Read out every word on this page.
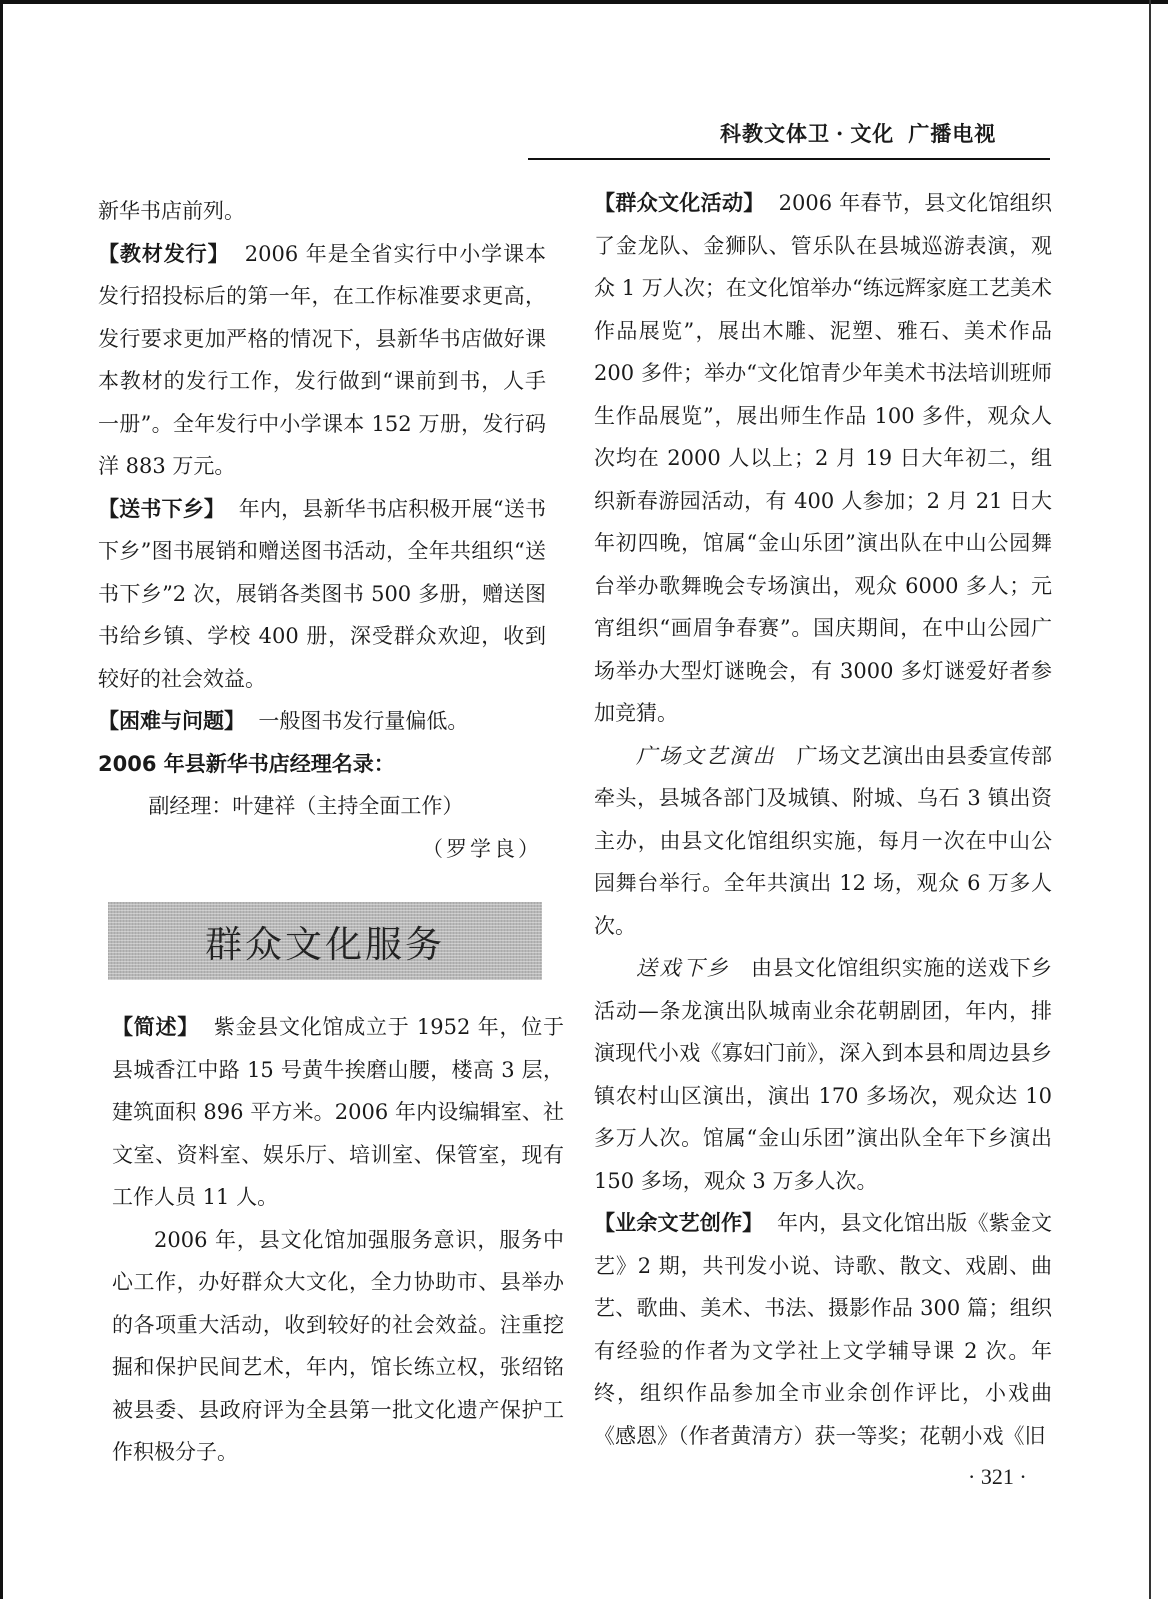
科教文体卫 · 文化 广播电视

新华书店前列。

【教材发行】 2006 年是全省实行中小学课本发行招投标后的第一年，在工作标准要求更高，发行要求更加严格的情况下，县新华书店做好课本教材的发行工作，发行做到“课前到书，人手一册”。全年发行中小学课本 152 万册，发行码洋 883 万元。

【送书下乡】 年内，县新华书店积极开展“送书下乡”图书展销和赠送图书活动，全年共组织“送书下乡”2 次，展销各类图书 500 多册，赠送图书给乡镇、学校 400 册，深受群众欢迎，收到较好的社会效益。

【困难与问题】 一般图书发行量偏低。

2006 年县新华书店经理名录：

副经理：叶建祥（主持全面工作）

（罗学良）

群众文化服务

【简述】 紫金县文化馆成立于 1952 年，位于县城香江中路 15 号黄牛挨磨山腰，楼高 3 层，建筑面积 896 平方米。2006 年内设编辑室、社文室、资料室、娱乐厅、培训室、保管室，现有工作人员 11 人。

2006 年，县文化馆加强服务意识，服务中心工作，办好群众大文化，全力协助市、县举办的各项重大活动，收到较好的社会效益。注重挖掘和保护民间艺术，年内，馆长练立权，张绍铭被县委、县政府评为全县第一批文化遗产保护工作积极分子。

【群众文化活动】 2006 年春节，县文化馆组织了金龙队、金狮队、管乐队在县城巡游表演，观众 1 万人次；在文化馆举办“练远辉家庭工艺美术作品展览”，展出木雕、泥塑、雅石、美术作品 200 多件；举办“文化馆青少年美术书法培训班师生作品展览”，展出师生作品 100 多件，观众人次均在 2000 人以上；2 月 19 日大年初二，组织新春游园活动，有 400 人参加；2 月 21 日大年初四晚，馆属“金山乐团”演出队在中山公园舞台举办歌舞晚会专场演出，观众 6000 多人；元宵组织“画眉争春赛”。国庆期间，在中山公园广场举办大型灯谜晚会，有 3000 多灯谜爱好者参加竞猜。

广场文艺演出 广场文艺演出由县委宣传部牵头，县城各部门及城镇、附城、乌石 3 镇出资主办，由县文化馆组织实施，每月一次在中山公园舞台举行。全年共演出 12 场，观众 6 万多人次。

送戏下乡 由县文化馆组织实施的送戏下乡活动—条龙演出队城南业余花朝剧团，年内，排演现代小戏《寡妇门前》，深入到本县和周边县乡镇农村山区演出，演出 170 多场次，观众达 10 多万人次。馆属“金山乐团”演出队全年下乡演出 150 多场，观众 3 万多人次。

【业余文艺创作】 年内，县文化馆出版《紫金文艺》2 期，共刊发小说、诗歌、散文、戏剧、曲艺、歌曲、美术、书法、摄影作品 300 篇；组织有经验的作者为文学社上文学辅导课 2 次。年终，组织作品参加全市业余创作评比，小戏曲《感恩》（作者黄清方）获一等奖；花朝小戏《旧

· 321 ·
